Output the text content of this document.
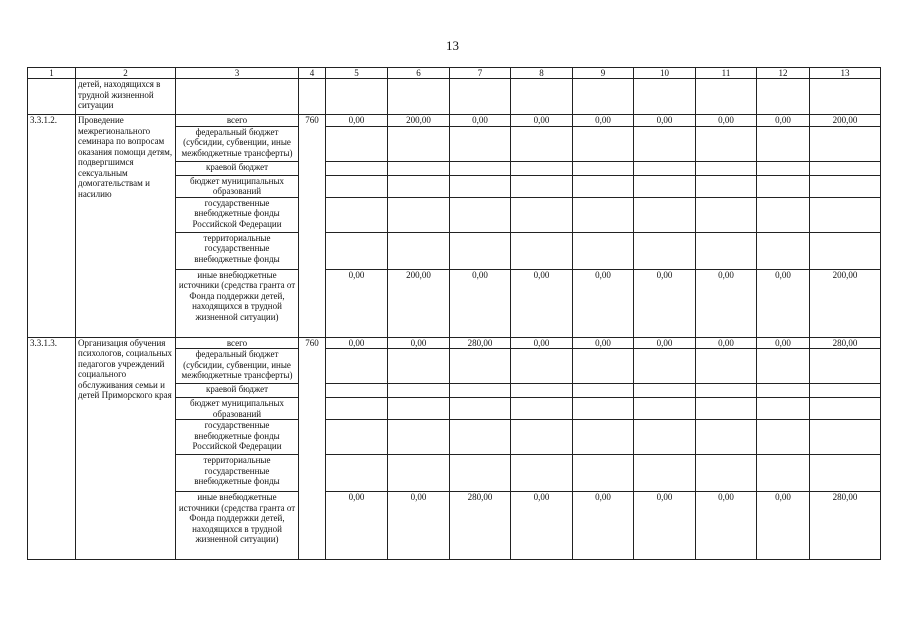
13
1	2	3	4	5	6	7	8	9	10	11	12	13
	детей, находящихся в трудной жизненной ситуации											
3.3.1.2.	Проведение межрегионального семинара по вопросам оказания помощи детям, подвергшимся сексуальным домогательствам и насилию	всего	760	0,00	200,00	0,00	0,00	0,00	0,00	0,00	0,00	200,00
		федеральный бюджет (субсидии, субвенции, иные межбюджетные трансферты)										
		краевой бюджет										
		бюджет муниципальных образований										
		государственные внебюджетные фонды Российской Федерации										
		территориальные государственные внебюджетные фонды										
		иные внебюджетные источники (средства гранта от Фонда поддержки детей, находящихся в трудной жизненной ситуации)		0,00	200,00	0,00	0,00	0,00	0,00	0,00	0,00	200,00
3.3.1.3.	Организация обучения психологов, социальных педагогов учреждений социального обслуживания семьи и детей Приморского края	всего	760	0,00	0,00	280,00	0,00	0,00	0,00	0,00	0,00	280,00
		федеральный бюджет (субсидии, субвенции, иные межбюджетные трансферты)										
		краевой бюджет										
		бюджет муниципальных образований										
		государственные внебюджетные фонды Российской Федерации										
		территориальные государственные внебюджетные фонды										
		иные внебюджетные источники (средства гранта от Фонда поддержки детей, находящихся в трудной жизненной ситуации)		0,00	0,00	280,00	0,00	0,00	0,00	0,00	0,00	280,00
